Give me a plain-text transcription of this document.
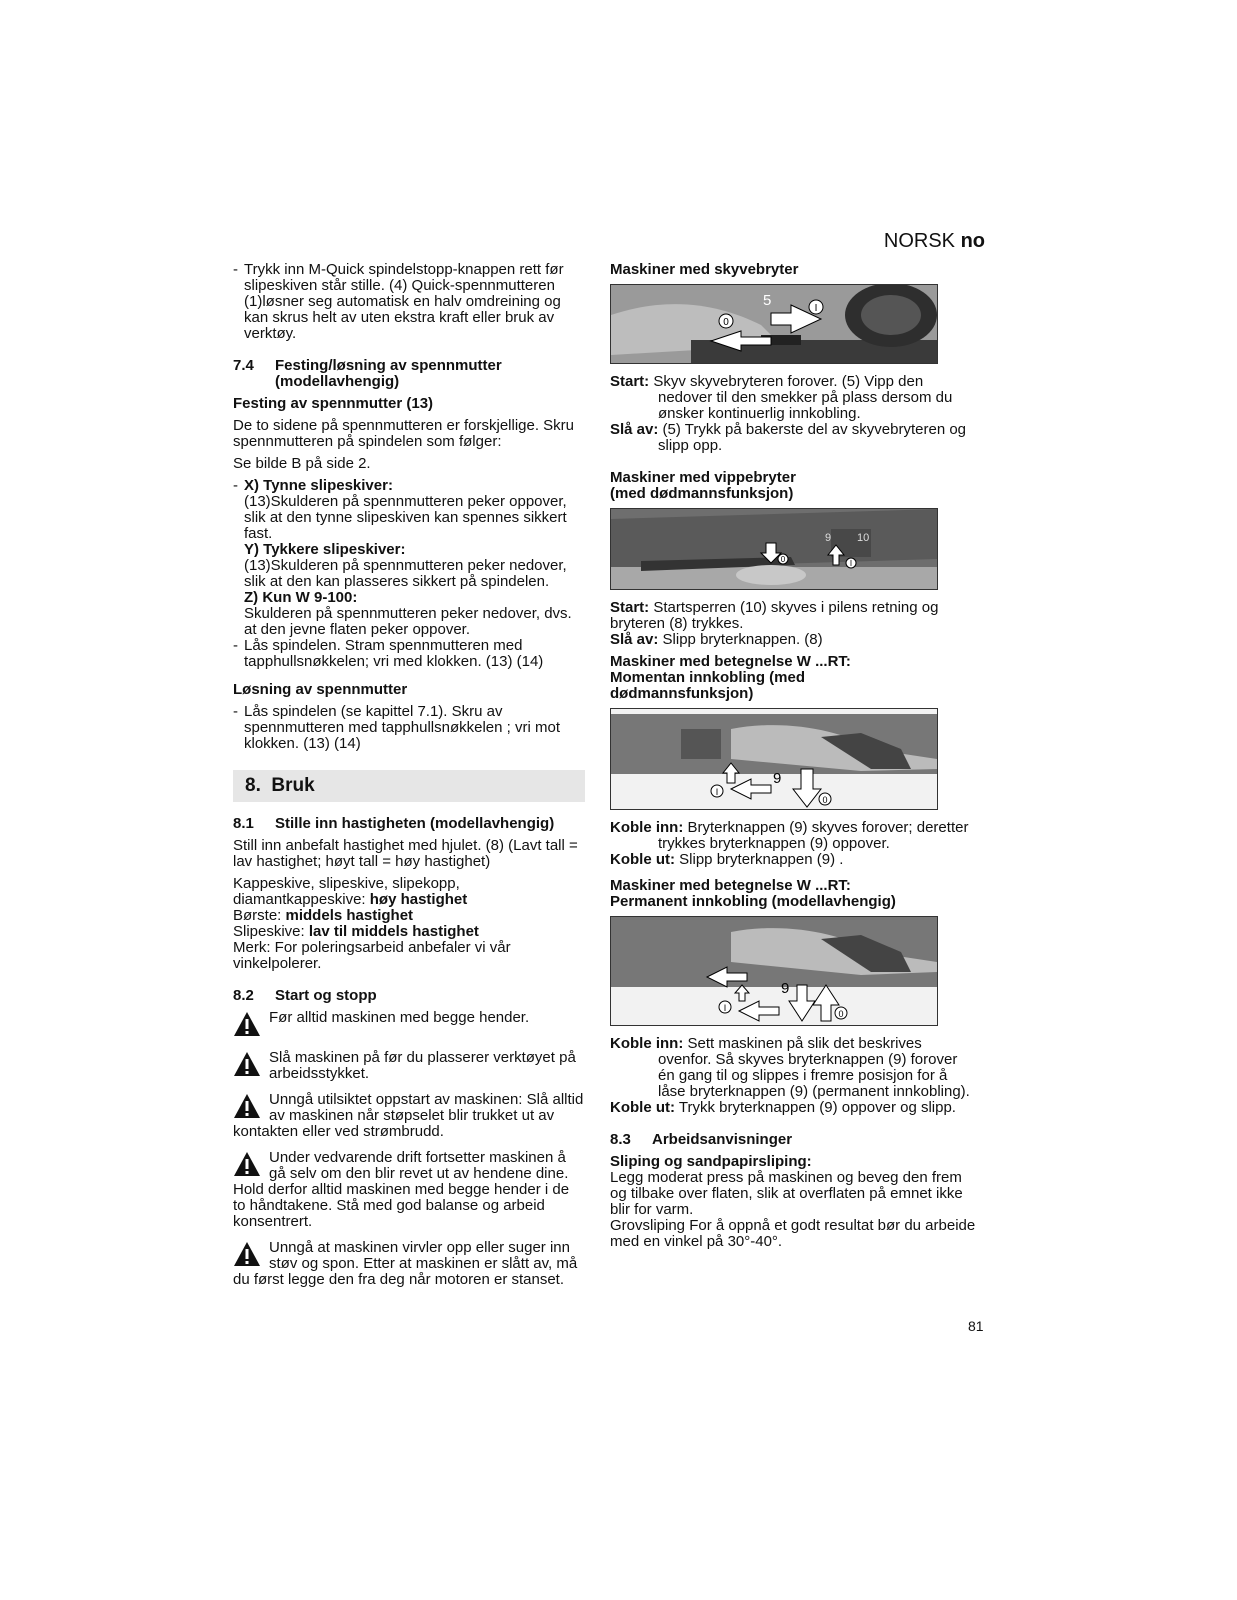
NORSK no
- Trykk inn M-Quick spindelstopp-knappen rett før slipeskiven står stille. (4) Quick-spennmutteren (1)løsner seg automatisk en halv omdreining og kan skrus helt av uten ekstra kraft eller bruk av verktøy.
7.4 Festing/løsning av spennmutter
(modellavhengig)
Festing av spennmutter (13)

De to sidene på spennmutteren er forskjellige. Skru spennmutteren på spindelen som følger:

Se bilde B på side 2.

- X) Tynne slipeskiver:
(13)Skulderen på spennmutteren peker oppover, slik at den tynne slipeskiven kan spennes sikkert fast.
Y) Tykkere slipeskiver:
(13)Skulderen på spennmutteren peker nedover, slik at den kan plasseres sikkert på spindelen.
Z) Kun W 9-100:
Skulderen på spennmutteren peker nedover, dvs. at den jevne flaten peker oppover.
- Lås spindelen. Stram spennmutteren med tapphullsnøkkelen; vri med klokken. (13) (14)
Løsning av spennmutter
- Lås spindelen (se kapittel 7.1). Skru av spennmutteren med tapphullsnøkkelen ; vri mot klokken. (13) (14)
8. Bruk
8.1 Stille inn hastigheten (modellavhengig)

Still inn anbefalt hastighet med hjulet. (8) (Lavt tall = lav hastighet; høyt tall = høy hastighet)

Kappeskive, slipeskive, slipekopp,
diamantkappeskive: høy hastighet
Børste: middels hastighet
Slipeskive: lav til middels hastighet

Merk: For poleringsarbeid anbefaler vi vår vinkelpolerer.

8.2 Start og stopp
Før alltid maskinen med begge hender.
Slå maskinen på før du plasserer verktøyet på arbeidsstykket.
Unngå utilsiktet oppstart av maskinen: Slå alltid av maskinen når støpselet blir trukket ut av kontakten eller ved strømbrudd.
Under vedvarende drift fortsetter maskinen å gå selv om den blir revet ut av hendene dine. Hold derfor alltid maskinen med begge hender i de to håndtakene. Stå med god balanse og arbeid konsentrert.
Unngå at maskinen virvler opp eller suger inn støv og spon. Etter at maskinen er slått av, må du først legge den fra deg når motoren er stanset.
Maskiner med skyvebryter
0
I
5

Start: Skyv skyvebryteren forover. (5) Vipp den nedover til den smekker på plass dersom du ønsker kontinuerlig innkobling.

Slå av: (5) Trykk på bakerste del av skyvebryteren og slipp opp.

Maskiner med vippebryter
(med dødmannsfunksjon)
0	I
9 10

Start: Startsperren (10) skyves i pilens retning og bryteren (8) trykkes.

Slå av: Slipp bryterknappen. (8)

Maskiner med betegnelse W ...RT:
Momentan innkobling (med
dødmannsfunksjon)
I
0
9

Koble inn: Bryterknappen (9) skyves forover; deretter trykkes bryterknappen (9) oppover.

Koble ut: Slipp bryterknappen (9) .

Maskiner med betegnelse W ...RT:
Permanent innkobling (modellavhengig)
I
0
9

Koble inn: Sett maskinen på slik det beskrives ovenfor. Så skyves bryterknappen (9) forover én gang til og slippes i fremre posisjon for å låse bryterknappen (9) (permanent innkobling).

Koble ut: Trykk bryterknappen (9) oppover og slipp.

8.3 Arbeidsanvisninger
Sliping og sandpapirsliping:
Legg moderat press på maskinen og beveg den frem og tilbake over flaten, slik at overflaten på emnet ikke blir for varm.
Grovsliping For å oppnå et godt resultat bør du arbeide med en vinkel på 30°-40°.
81
